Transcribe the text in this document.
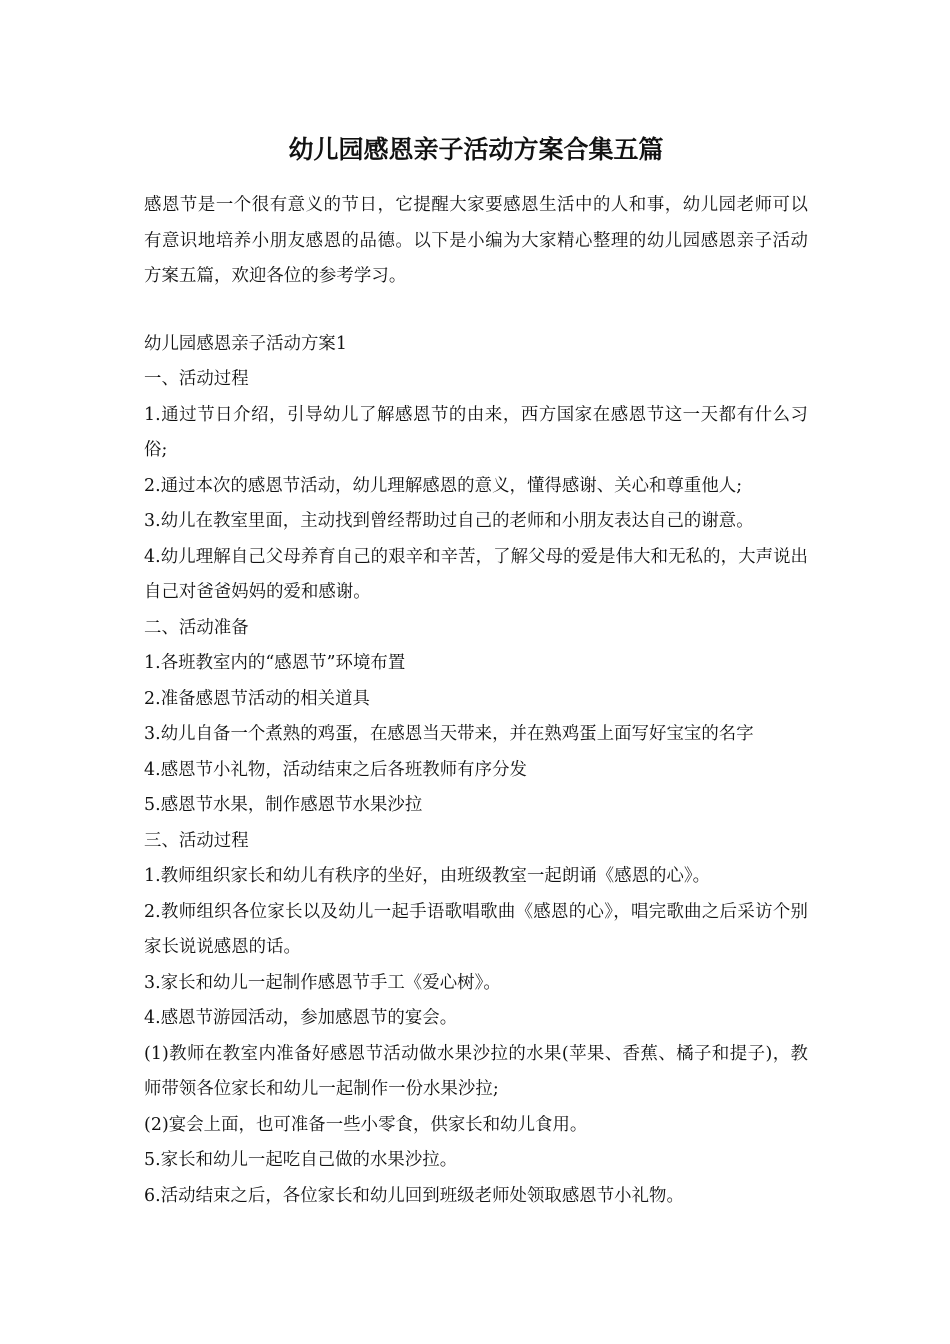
幼儿园感恩亲子活动方案合集五篇

感恩节是一个很有意义的节日，它提醒大家要感恩生活中的人和事，幼儿园老师可以有意识地培养小朋友感恩的品德。以下是小编为大家精心整理的幼儿园感恩亲子活动方案五篇，欢迎各位的参考学习。

幼儿园感恩亲子活动方案1

一、活动过程

1.通过节日介绍，引导幼儿了解感恩节的由来，西方国家在感恩节这一天都有什么习俗;

2.通过本次的感恩节活动，幼儿理解感恩的意义，懂得感谢、关心和尊重他人;

3.幼儿在教室里面，主动找到曾经帮助过自己的老师和小朋友表达自己的谢意。

4.幼儿理解自己父母养育自己的艰辛和辛苦，了解父母的爱是伟大和无私的，大声说出自己对爸爸妈妈的爱和感谢。

二、活动准备

1.各班教室内的“感恩节”环境布置

2.准备感恩节活动的相关道具

3.幼儿自备一个煮熟的鸡蛋，在感恩当天带来，并在熟鸡蛋上面写好宝宝的名字

4.感恩节小礼物，活动结束之后各班教师有序分发

5.感恩节水果，制作感恩节水果沙拉

三、活动过程

1.教师组织家长和幼儿有秩序的坐好，由班级教室一起朗诵《感恩的心》。

2.教师组织各位家长以及幼儿一起手语歌唱歌曲《感恩的心》，唱完歌曲之后采访个别家长说说感恩的话。

3.家长和幼儿一起制作感恩节手工《爱心树》。

4.感恩节游园活动，参加感恩节的宴会。

(1)教师在教室内准备好感恩节活动做水果沙拉的水果(苹果、香蕉、橘子和提子)，教师带领各位家长和幼儿一起制作一份水果沙拉;

(2)宴会上面，也可准备一些小零食，供家长和幼儿食用。

5.家长和幼儿一起吃自己做的水果沙拉。

6.活动结束之后，各位家长和幼儿回到班级老师处领取感恩节小礼物。
